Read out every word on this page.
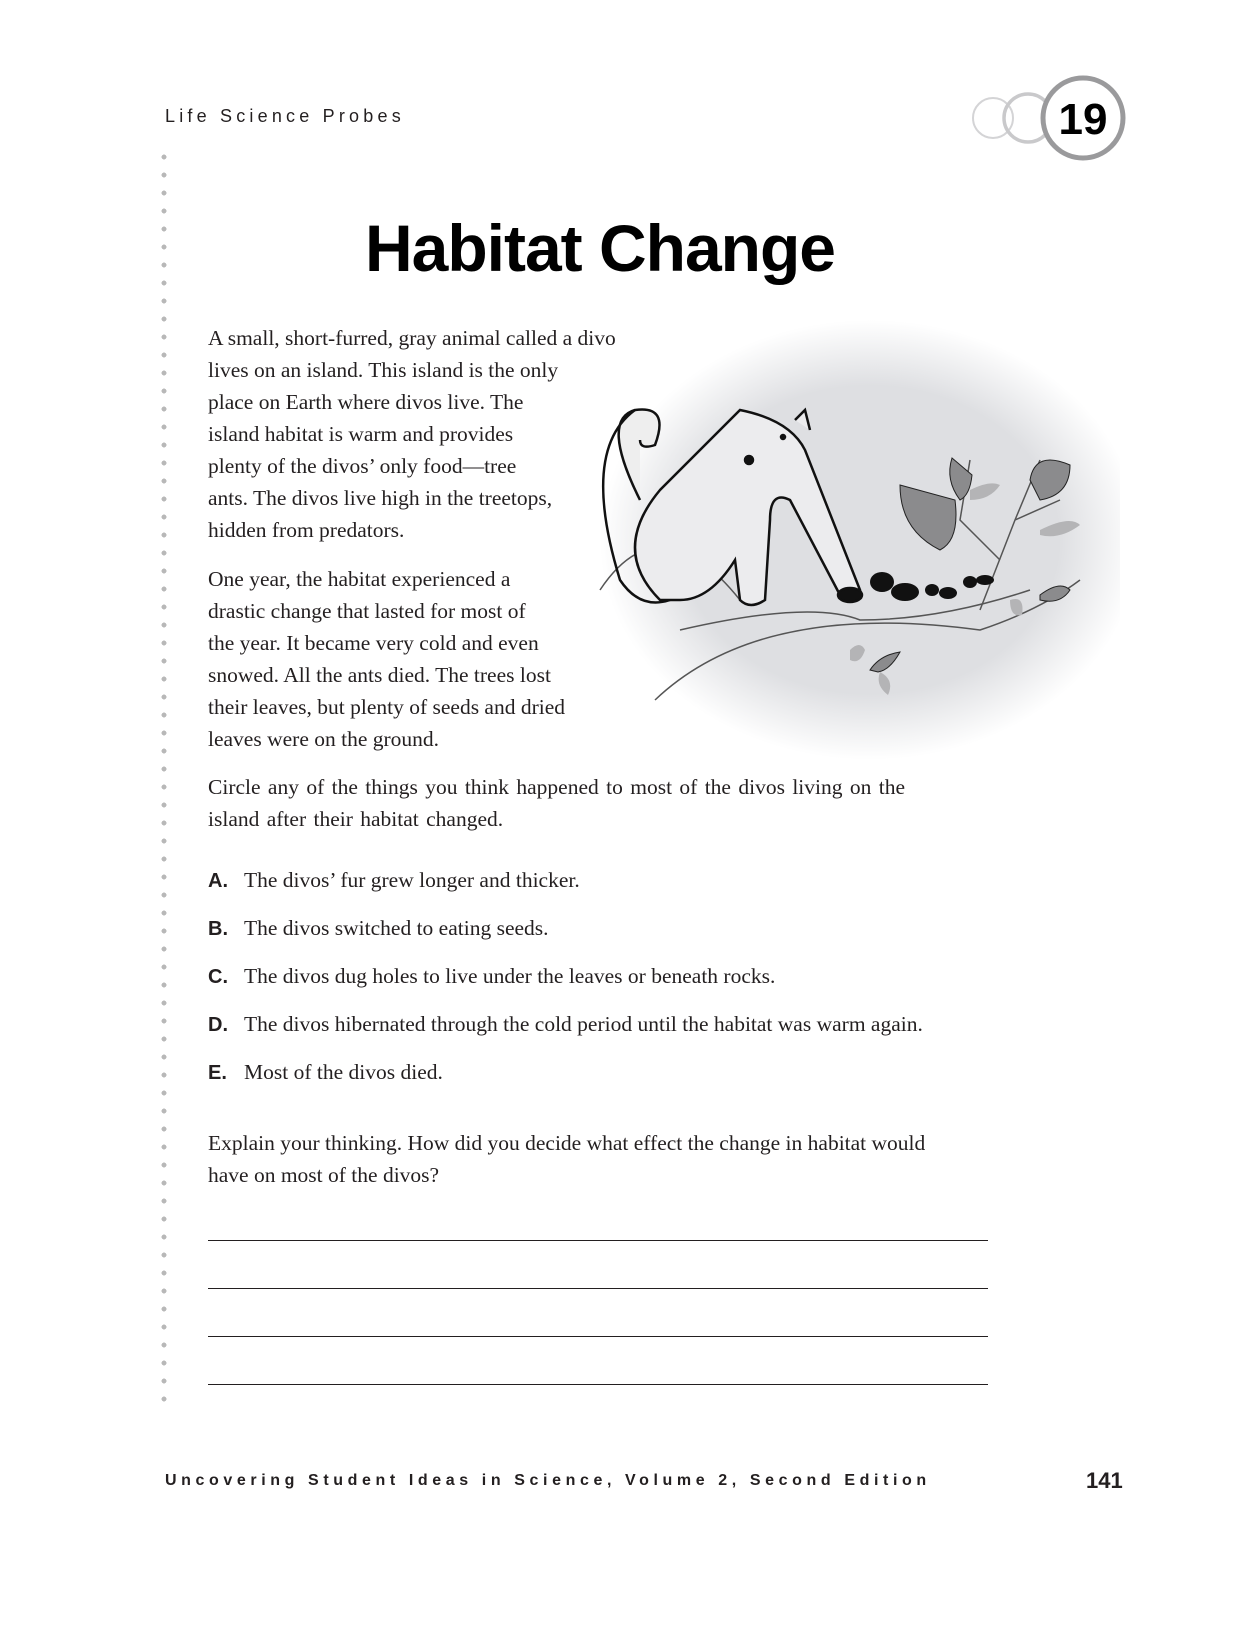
Life Science Probes	19
Habitat Change
A small, short-furred, gray animal called a divo
lives on an island. This island is the only
place on Earth where divos live. The
island habitat is warm and provides
plenty of the divos’ only food—tree
ants. The divos live high in the treetops,
hidden from predators.
One year, the habitat experienced a
drastic change that lasted for most of
the year. It became very cold and even
snowed. All the ants died. The trees lost
their leaves, but plenty of seeds and dried
leaves were on the ground.
Circle any of the things you think happened to most of the divos living on the
island after their habitat changed.
A. The divos’ fur grew longer and thicker.
B. The divos switched to eating seeds.
C. The divos dug holes to live under the leaves or beneath rocks.
D. The divos hibernated through the cold period until the habitat was warm again.
E. Most of the divos died.
Explain your thinking. How did you decide what effect the change in habitat would
have on most of the divos?
Uncovering Student Ideas in Science, Volume 2, Second Edition	141
